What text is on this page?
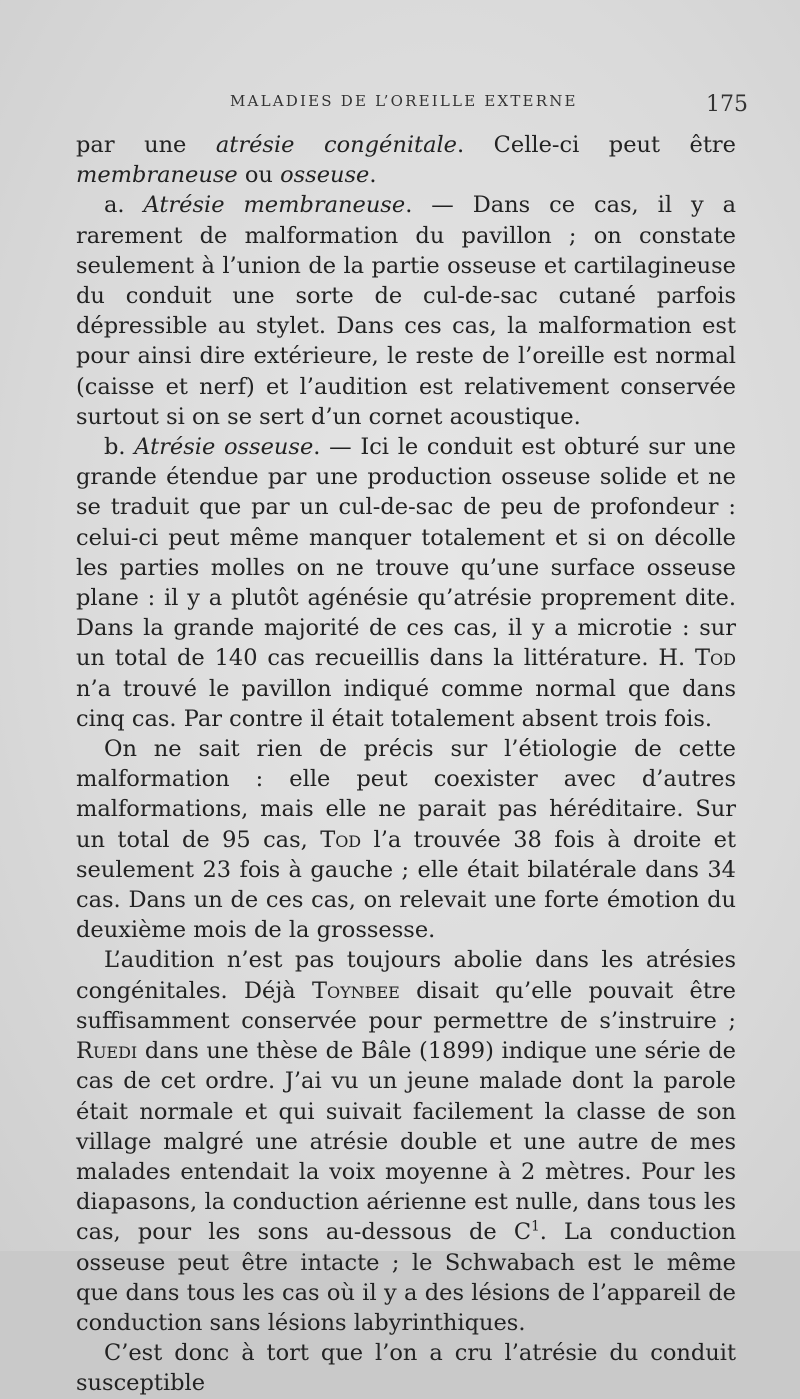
MALADIES DE L’OREILLE EXTERNE	175

par une atrésie congénitale. Celle-ci peut être membraneuse ou osseuse.

a. Atrésie membraneuse. — Dans ce cas, il y a rarement de malformation du pavillon ; on constate seulement à l’union de la partie osseuse et cartilagineuse du conduit une sorte de cul-de-sac cutané parfois dépressible au stylet. Dans ces cas, la malformation est pour ainsi dire extérieure, le reste de l’oreille est normal (caisse et nerf) et l’audition est relativement conservée surtout si on se sert d’un cornet acoustique.

b. Atrésie osseuse. — Ici le conduit est obturé sur une grande étendue par une production osseuse solide et ne se traduit que par un cul-de-sac de peu de profondeur : celui-ci peut même manquer totalement et si on décolle les parties molles on ne trouve qu’une surface osseuse plane : il y a plutôt agénésie qu’atrésie proprement dite. Dans la grande majorité de ces cas, il y a microtie : sur un total de 140 cas recueillis dans la littérature. H. Tod n’a trouvé le pavillon indiqué comme normal que dans cinq cas. Par contre il était totalement absent trois fois.

On ne sait rien de précis sur l’étiologie de cette malformation : elle peut coexister avec d’autres malformations, mais elle ne parait pas héréditaire. Sur un total de 95 cas, Tod l’a trouvée 38 fois à droite et seulement 23 fois à gauche ; elle était bilatérale dans 34 cas. Dans un de ces cas, on relevait une forte émotion du deuxième mois de la grossesse.

L’audition n’est pas toujours abolie dans les atrésies congénitales. Déjà Toynbee disait qu’elle pouvait être suffisamment conservée pour permettre de s’instruire ; Ruedi dans une thèse de Bâle (1899) indique une série de cas de cet ordre. J’ai vu un jeune malade dont la parole était normale et qui suivait facilement la classe de son village malgré une atrésie double et une autre de mes malades entendait la voix moyenne à 2 mètres. Pour les diapasons, la conduction aérienne est nulle, dans tous les cas, pour les sons au-dessous de $C^1$. La conduction osseuse peut être intacte ; le Schwabach est le même que dans tous les cas où il y a des lésions de l’appareil de conduction sans lésions labyrinthiques.

C’est donc à tort que l’on a cru l’atrésie du conduit susceptible
